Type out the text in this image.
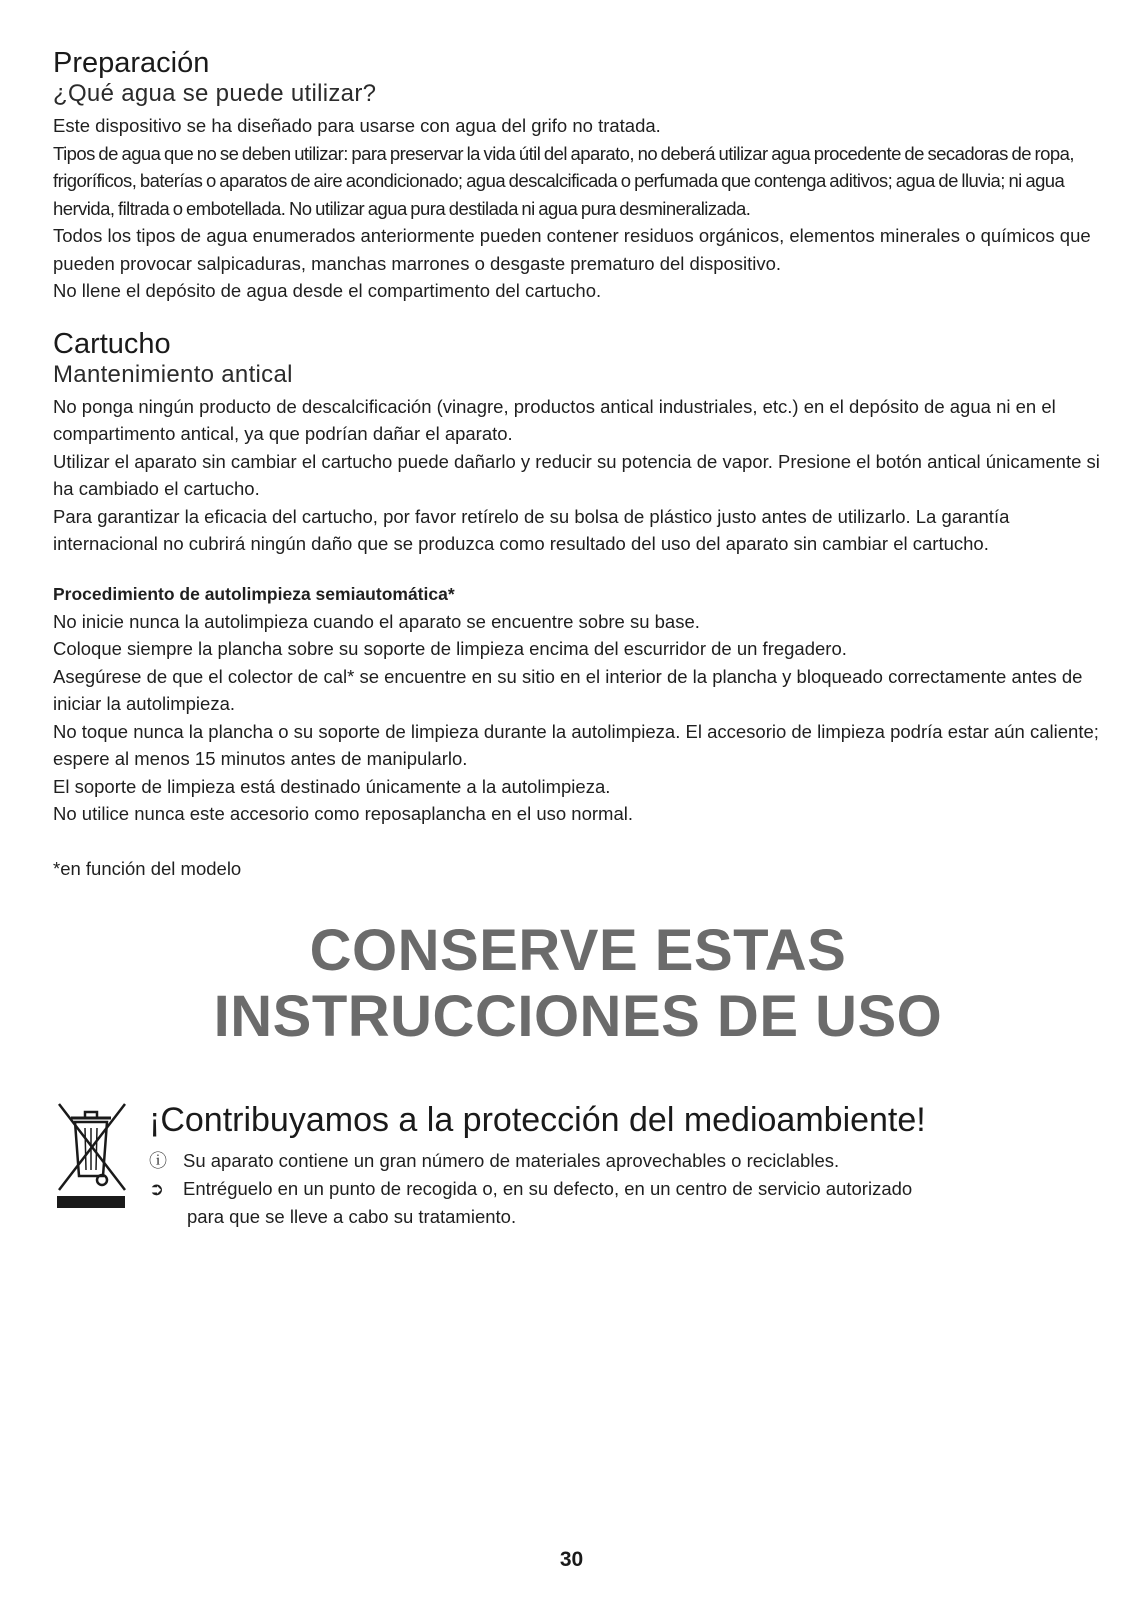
Preparación
¿Qué agua se puede utilizar?

Este dispositivo se ha diseñado para usarse con agua del grifo no tratada.

Tipos de agua que no se deben utilizar: para preservar la vida útil del aparato, no deberá utilizar agua procedente de secadoras de ropa, frigoríficos, baterías o aparatos de aire acondicionado; agua descalcificada o perfumada que contenga aditivos; agua de lluvia; ni agua hervida, filtrada o embotellada. No utilizar agua pura destilada ni agua pura desmineralizada.

Todos los tipos de agua enumerados anteriormente pueden contener residuos orgánicos, elementos minerales o químicos que pueden provocar salpicaduras, manchas marrones o desgaste prematuro del dispositivo.

No llene el depósito de agua desde el compartimento del cartucho.

Cartucho
Mantenimiento antical

No ponga ningún producto de descalcificación (vinagre, productos antical industriales, etc.) en el depósito de agua ni en el compartimento antical, ya que podrían dañar el aparato.

Utilizar el aparato sin cambiar el cartucho puede dañarlo y reducir su potencia de vapor. Presione el botón antical únicamente si ha cambiado el cartucho.

Para garantizar la eficacia del cartucho, por favor retírelo de su bolsa de plástico justo antes de utilizarlo. La garantía internacional no cubrirá ningún daño que se produzca como resultado del uso del aparato sin cambiar el cartucho.

Procedimiento de autolimpieza semiautomática*

No inicie nunca la autolimpieza cuando el aparato se encuentre sobre su base.

Coloque siempre la plancha sobre su soporte de limpieza encima del escurridor de un fregadero.

Asegúrese de que el colector de cal* se encuentre en su sitio en el interior de la plancha y bloqueado correctamente antes de iniciar la autolimpieza.

No toque nunca la plancha o su soporte de limpieza durante la autolimpieza. El accesorio de limpieza podría estar aún caliente; espere al menos 15 minutos antes de manipularlo.

El soporte de limpieza está destinado únicamente a la autolimpieza.

No utilice nunca este accesorio como reposaplancha en el uso normal.

*en función del modelo

CONSERVE ESTAS
INSTRUCCIONES DE USO
¡Contribuyamos a la protección del medioambiente!
ⓘ Su aparato contiene un gran número de materiales aprovechables o reciclables.
➲ Entréguelo en un punto de recogida o, en su defecto, en un centro de servicio autorizado
para que se lleve a cabo su tratamiento.
30
